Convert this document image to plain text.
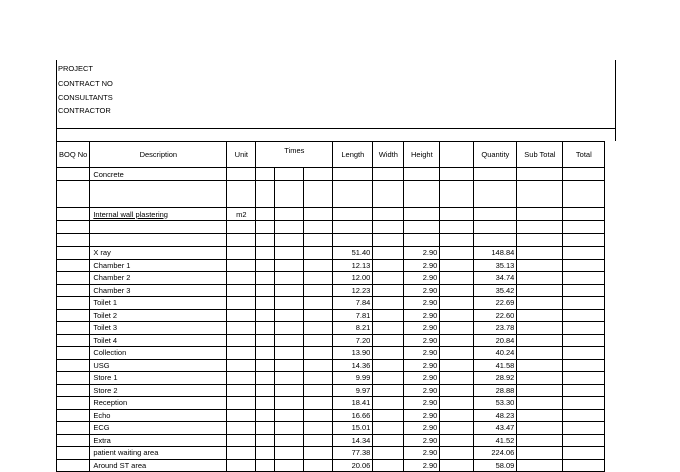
PROJECT
CONTRACT NO
CONSULTANTS
CONTRACTOR
BOQ No	Description	Unit	Times			Length	Width	Height		Quantity	Sub Total	Total
	Concrete											

	Internal wall plastering	m2										

	X ray					51.40		2.90		148.84		
	Chamber 1					12.13		2.90		35.13		
	Chamber 2					12.00		2.90		34.74		
	Chamber 3					12.23		2.90		35.42		
	Toilet 1					7.84		2.90		22.69		
	Toilet 2					7.81		2.90		22.60		
	Toilet 3					8.21		2.90		23.78		
	Toilet 4					7.20		2.90		20.84		
	Collection					13.90		2.90		40.24		
	USG					14.36		2.90		41.58		
	Store 1					9.99		2.90		28.92		
	Store 2					9.97		2.90		28.88		
	Reception					18.41		2.90		53.30		
	Echo					16.66		2.90		48.23		
	ECG					15.01		2.90		43.47		
	Extra					14.34		2.90		41.52		
	patient waiting area					77.38		2.90		224.06		
	Around ST area					20.06		2.90		58.09		
